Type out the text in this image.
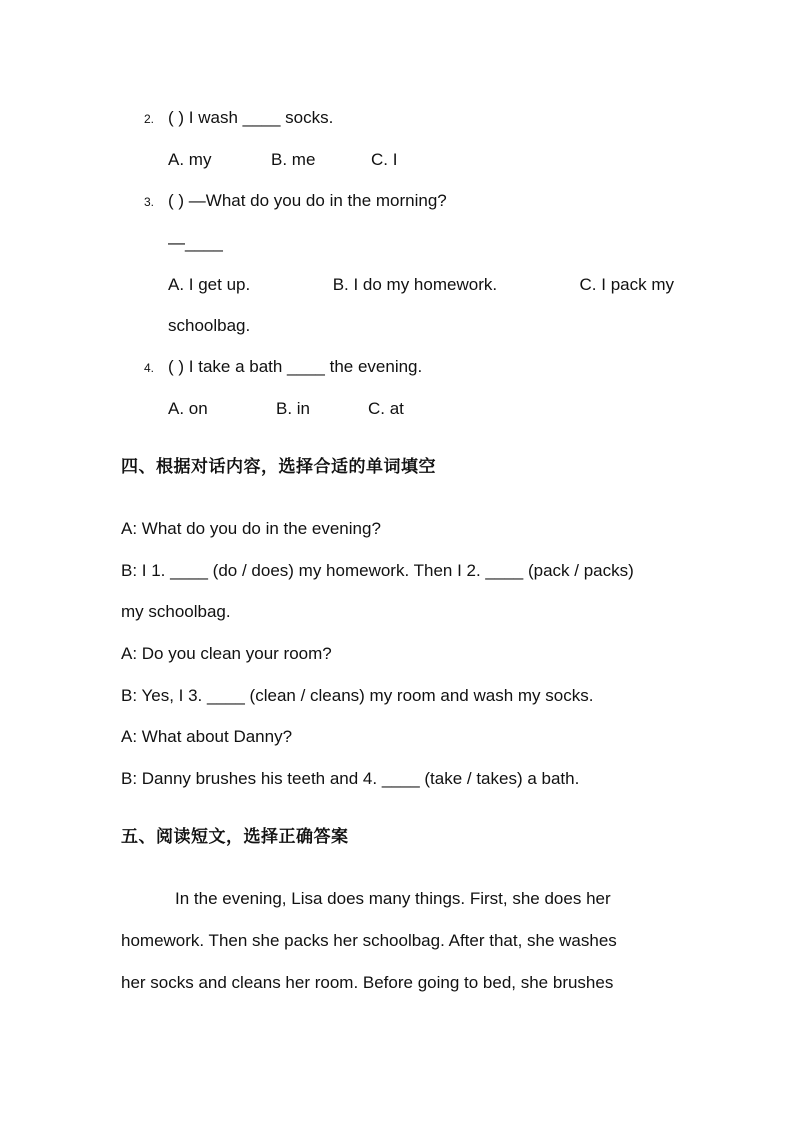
2. ( ) I wash ____ socks.
A. my	B. me	C. I
3. ( ) —What do you do in the morning?
—____
A. I get up.	B. I do my homework.	C. I pack my
schoolbag.
4. ( ) I take a bath ____ the evening.
A. on	B. in	C. at
四、根据对话内容，选择合适的单词填空
A: What do you do in the evening?
B: I 1. ____ (do / does) my homework. Then I 2. ____ (pack / packs)
my schoolbag.
A: Do you clean your room?
B: Yes, I 3. ____ (clean / cleans) my room and wash my socks.
A: What about Danny?
B: Danny brushes his teeth and 4. ____ (take / takes) a bath.
五、阅读短文，选择正确答案
In the evening, Lisa does many things. First, she does her
homework. Then she packs her schoolbag. After that, she washes
her socks and cleans her room. Before going to bed, she brushes
